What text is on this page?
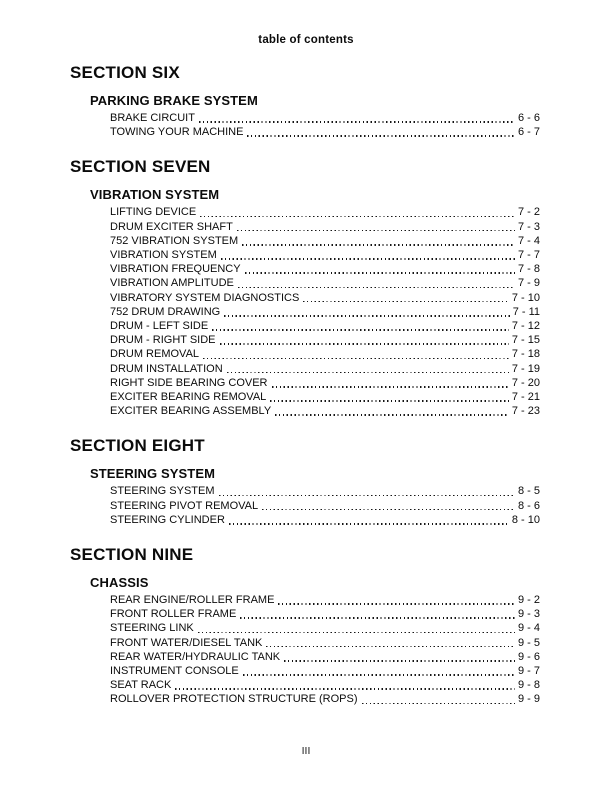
table of contents
SECTION SIX
PARKING BRAKE SYSTEM
BRAKE CIRCUIT	6 - 6
TOWING YOUR MACHINE	6 - 7
SECTION SEVEN
VIBRATION SYSTEM
LIFTING DEVICE	7 - 2
DRUM EXCITER SHAFT	7 - 3
752 VIBRATION SYSTEM	7 - 4
VIBRATION SYSTEM	7 - 7
VIBRATION FREQUENCY	7 - 8
VIBRATION AMPLITUDE	7 - 9
VIBRATORY SYSTEM DIAGNOSTICS	7 - 10
752 DRUM DRAWING	7 - 11
DRUM - LEFT SIDE	7 - 12
DRUM - RIGHT SIDE	7 - 15
DRUM REMOVAL	7 - 18
DRUM INSTALLATION	7 - 19
RIGHT SIDE BEARING COVER	7 - 20
EXCITER BEARING REMOVAL	7 - 21
EXCITER BEARING ASSEMBLY	7 - 23
SECTION EIGHT
STEERING SYSTEM
STEERING SYSTEM	8 - 5
STEERING PIVOT REMOVAL	8 - 6
STEERING CYLINDER	8 - 10
SECTION NINE
CHASSIS
REAR ENGINE/ROLLER FRAME	9 - 2
FRONT ROLLER FRAME	9 - 3
STEERING LINK	9 - 4
FRONT WATER/DIESEL TANK	9 - 5
REAR WATER/HYDRAULIC TANK	9 - 6
INSTRUMENT CONSOLE	9 - 7
SEAT RACK	9 - 8
ROLLOVER PROTECTION STRUCTURE (ROPS)	9 - 9
III
